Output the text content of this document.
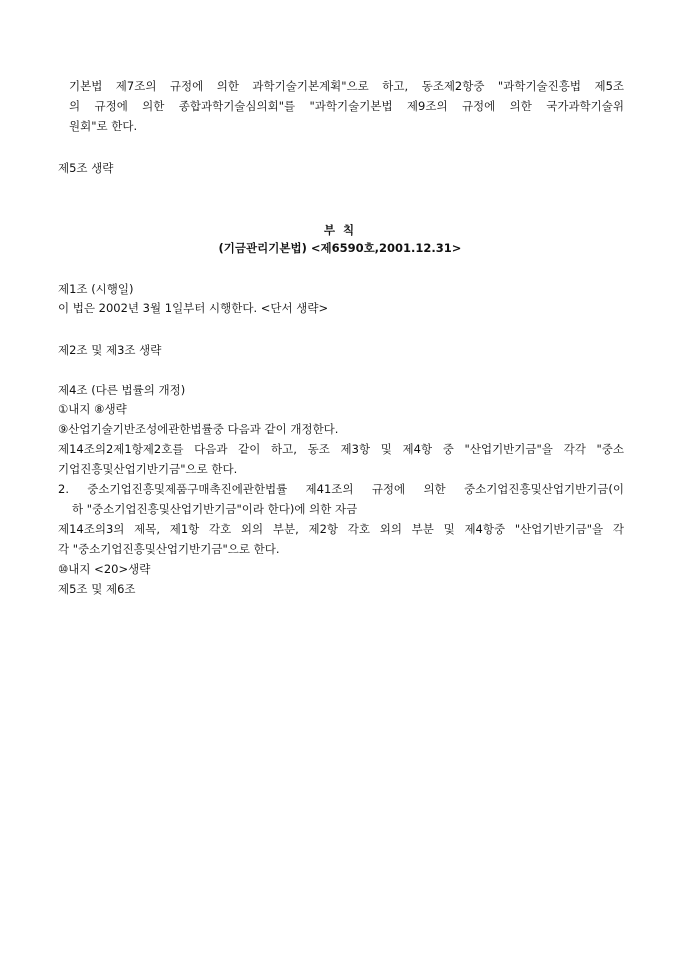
기본법 제7조의 규정에 의한 과학기술기본계획"으로 하고, 동조제2항중 "과학기술진흥법 제5조
의 규정에 의한 종합과학기술심의회"를 "과학기술기본법 제9조의 규정에 의한 국가과학기술위
원회"로 한다.
제5조 생략
부 칙
(기금관리기본법) <제6590호,2001.12.31>
제1조 (시행일)
이 법은 2002년 3월 1일부터 시행한다. <단서 생략>
제2조 및 제3조 생략
제4조 (다른 법률의 개정)
①내지 ⑧생략
⑨산업기술기반조성에관한법률중 다음과 같이 개정한다.
제14조의2제1항제2호를 다음과 같이 하고, 동조 제3항 및 제4항 중 "산업기반기금"을 각각 "중소
기업진흥및산업기반기금"으로 한다.
2. 중소기업진흥및제품구매촉진에관한법률 제41조의 규정에 의한 중소기업진흥및산업기반기금(이
하 "중소기업진흥및산업기반기금"이라 한다)에 의한 자금
제14조의3의 제목, 제1항 각호 외의 부분, 제2항 각호 외의 부분 및 제4항중 "산업기반기금"을 각
각 "중소기업진흥및산업기반기금"으로 한다.
⑩내지 <20>생략
제5조 및 제6조
